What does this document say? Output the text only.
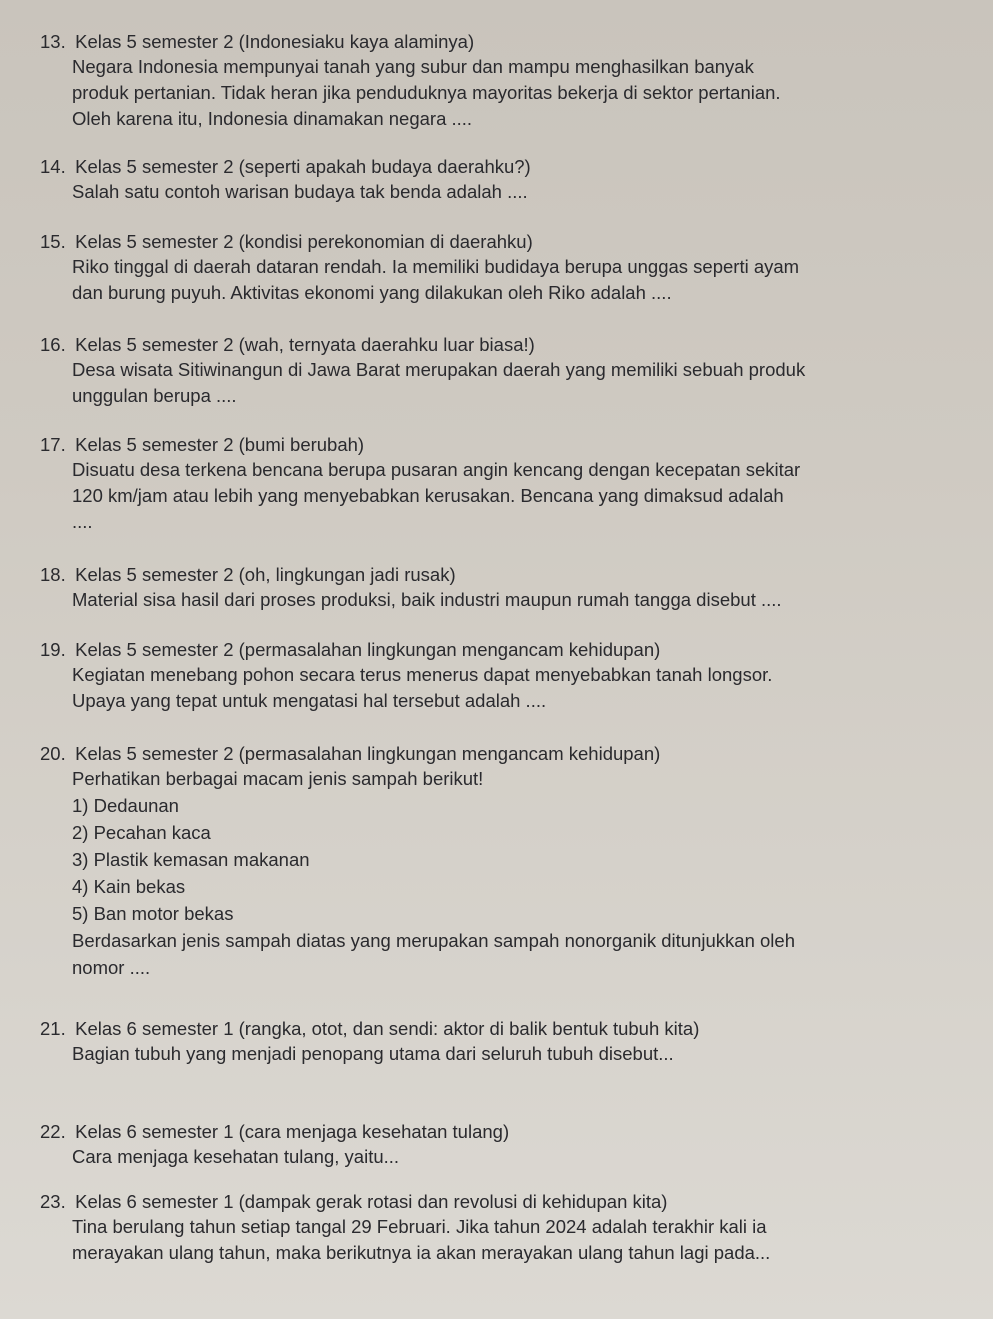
13. Kelas 5 semester 2 (Indonesiaku kaya alaminya)

Negara Indonesia mempunyai tanah yang subur dan mampu menghasilkan banyak

produk pertanian. Tidak heran jika penduduknya mayoritas bekerja di sektor pertanian.

Oleh karena itu, Indonesia dinamakan negara ....

14. Kelas 5 semester 2 (seperti apakah budaya daerahku?)

Salah satu contoh warisan budaya tak benda adalah ....

15. Kelas 5 semester 2 (kondisi perekonomian di daerahku)

Riko tinggal di daerah dataran rendah. Ia memiliki budidaya berupa unggas seperti ayam

dan burung puyuh. Aktivitas ekonomi yang dilakukan oleh Riko adalah ....

16. Kelas 5 semester 2 (wah, ternyata daerahku luar biasa!)

Desa wisata Sitiwinangun di Jawa Barat merupakan daerah yang memiliki sebuah produk

unggulan berupa ....

17. Kelas 5 semester 2 (bumi berubah)

Disuatu desa terkena bencana berupa pusaran angin kencang dengan kecepatan sekitar

120 km/jam atau lebih yang menyebabkan kerusakan. Bencana yang dimaksud adalah

....

18. Kelas 5 semester 2 (oh, lingkungan jadi rusak)

Material sisa hasil dari proses produksi, baik industri maupun rumah tangga disebut ....

19. Kelas 5 semester 2 (permasalahan lingkungan mengancam kehidupan)

Kegiatan menebang pohon secara terus menerus dapat menyebabkan tanah longsor.

Upaya yang tepat untuk mengatasi hal tersebut adalah ....

20. Kelas 5 semester 2 (permasalahan lingkungan mengancam kehidupan)

Perhatikan berbagai macam jenis sampah berikut!

1) Dedaunan
2) Pecahan kaca
3) Plastik kemasan makanan
4) Kain bekas
5) Ban motor bekas
Berdasarkan jenis sampah diatas yang merupakan sampah nonorganik ditunjukkan oleh
nomor ....
21. Kelas 6 semester 1 (rangka, otot, dan sendi: aktor di balik bentuk tubuh kita)

Bagian tubuh yang menjadi penopang utama dari seluruh tubuh disebut...

22. Kelas 6 semester 1 (cara menjaga kesehatan tulang)

Cara menjaga kesehatan tulang, yaitu...

23. Kelas 6 semester 1 (dampak gerak rotasi dan revolusi di kehidupan kita)

Tina berulang tahun setiap tangal 29 Februari. Jika tahun 2024 adalah terakhir kali ia

merayakan ulang tahun, maka berikutnya ia akan merayakan ulang tahun lagi pada...
